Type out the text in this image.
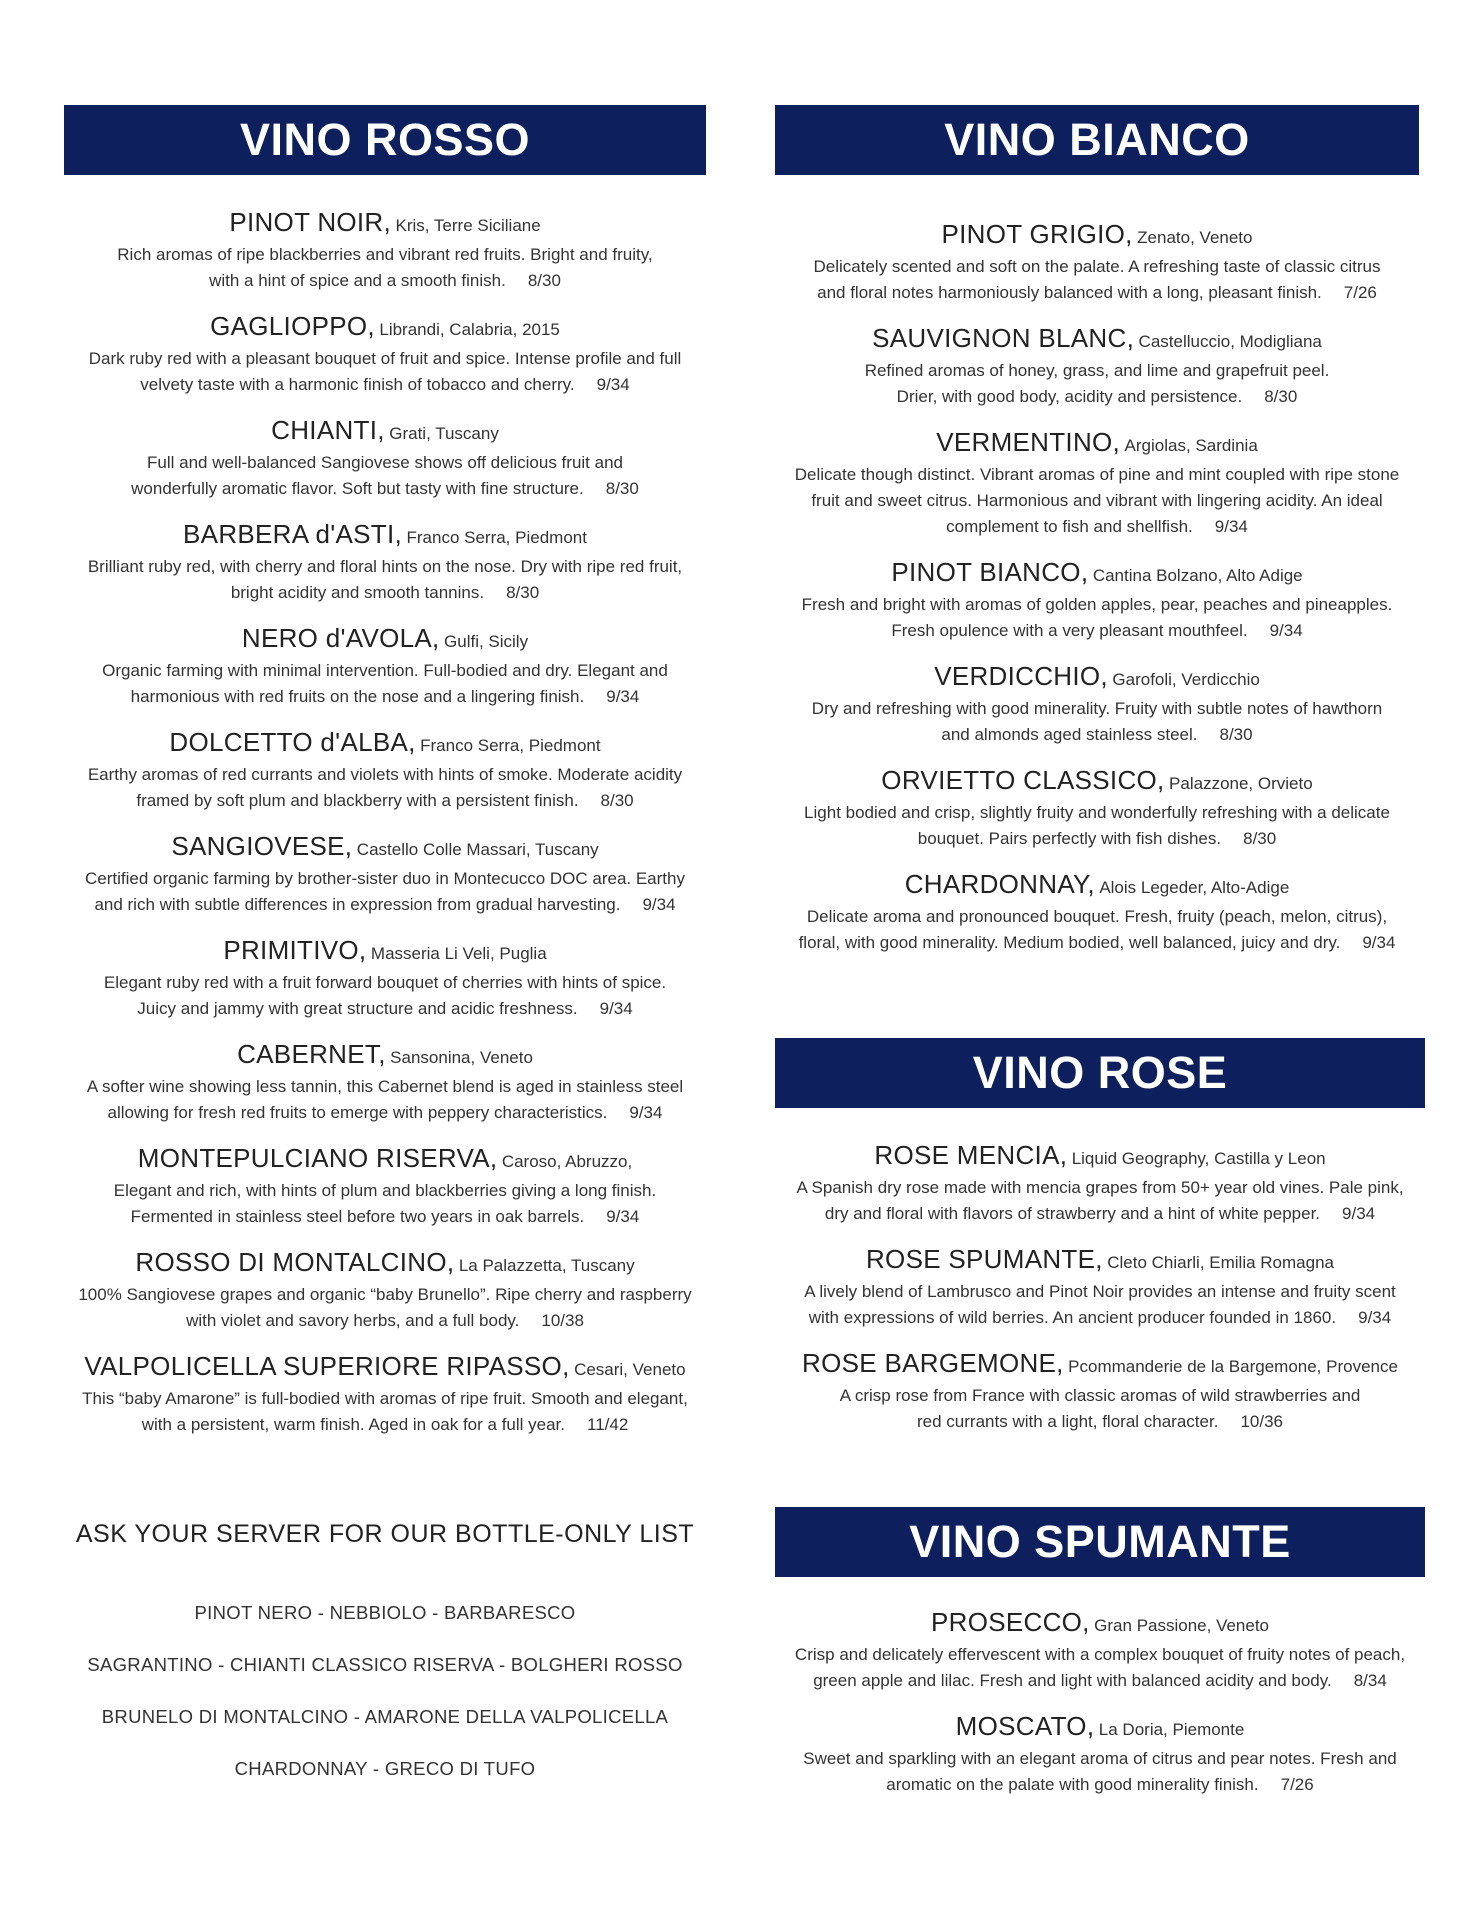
VINO ROSSO
PINOT NOIR, Kris, Terre Siciliane
Rich aromas of ripe blackberries and vibrant red fruits. Bright and fruity,
with a hint of spice and a smooth finish. 8/30
GAGLIOPPO, Librandi, Calabria, 2015
Dark ruby red with a pleasant bouquet of fruit and spice. Intense profile and full
velvety taste with a harmonic finish of tobacco and cherry. 9/34
CHIANTI, Grati, Tuscany
Full and well-balanced Sangiovese shows off delicious fruit and
wonderfully aromatic flavor. Soft but tasty with fine structure. 8/30
BARBERA d'ASTI, Franco Serra, Piedmont
Brilliant ruby red, with cherry and floral hints on the nose. Dry with ripe red fruit,
bright acidity and smooth tannins. 8/30
NERO d'AVOLA, Gulfi, Sicily
Organic farming with minimal intervention. Full-bodied and dry. Elegant and
harmonious with red fruits on the nose and a lingering finish. 9/34
DOLCETTO d'ALBA, Franco Serra, Piedmont
Earthy aromas of red currants and violets with hints of smoke. Moderate acidity
framed by soft plum and blackberry with a persistent finish. 8/30
SANGIOVESE, Castello Colle Massari, Tuscany
Certified organic farming by brother-sister duo in Montecucco DOC area. Earthy
and rich with subtle differences in expression from gradual harvesting. 9/34
PRIMITIVO, Masseria Li Veli, Puglia
Elegant ruby red with a fruit forward bouquet of cherries with hints of spice.
Juicy and jammy with great structure and acidic freshness. 9/34
CABERNET, Sansonina, Veneto
A softer wine showing less tannin, this Cabernet blend is aged in stainless steel
allowing for fresh red fruits to emerge with peppery characteristics. 9/34
MONTEPULCIANO RISERVA, Caroso, Abruzzo,
Elegant and rich, with hints of plum and blackberries giving a long finish.
Fermented in stainless steel before two years in oak barrels. 9/34
ROSSO DI MONTALCINO, La Palazzetta, Tuscany
100% Sangiovese grapes and organic “baby Brunello”. Ripe cherry and raspberry
with violet and savory herbs, and a full body. 10/38
VALPOLICELLA SUPERIORE RIPASSO, Cesari, Veneto
This “baby Amarone” is full-bodied with aromas of ripe fruit. Smooth and elegant,
with a persistent, warm finish. Aged in oak for a full year. 11/42
ASK YOUR SERVER FOR OUR BOTTLE-ONLY LIST
PINOT NERO - NEBBIOLO - BARBARESCO
SAGRANTINO - CHIANTI CLASSICO RISERVA - BOLGHERI ROSSO
BRUNELO DI MONTALCINO - AMARONE DELLA VALPOLICELLA
CHARDONNAY - GRECO DI TUFO
VINO BIANCO
PINOT GRIGIO, Zenato, Veneto
Delicately scented and soft on the palate. A refreshing taste of classic citrus
and floral notes harmoniously balanced with a long, pleasant finish. 7/26
SAUVIGNON BLANC, Castelluccio, Modigliana
Refined aromas of honey, grass, and lime and grapefruit peel.
Drier, with good body, acidity and persistence. 8/30
VERMENTINO, Argiolas, Sardinia
Delicate though distinct. Vibrant aromas of pine and mint coupled with ripe stone
fruit and sweet citrus. Harmonious and vibrant with lingering acidity. An ideal
complement to fish and shellfish. 9/34
PINOT BIANCO, Cantina Bolzano, Alto Adige
Fresh and bright with aromas of golden apples, pear, peaches and pineapples.
Fresh opulence with a very pleasant mouthfeel. 9/34
VERDICCHIO, Garofoli, Verdicchio
Dry and refreshing with good minerality. Fruity with subtle notes of hawthorn
and almonds aged stainless steel. 8/30
ORVIETTO CLASSICO, Palazzone, Orvieto
Light bodied and crisp, slightly fruity and wonderfully refreshing with a delicate
bouquet. Pairs perfectly with fish dishes. 8/30
CHARDONNAY, Alois Legeder, Alto-Adige
Delicate aroma and pronounced bouquet. Fresh, fruity (peach, melon, citrus),
floral, with good minerality. Medium bodied, well balanced, juicy and dry. 9/34
VINO ROSE
ROSE MENCIA, Liquid Geography, Castilla y Leon
A Spanish dry rose made with mencia grapes from 50+ year old vines. Pale pink,
dry and floral with flavors of strawberry and a hint of white pepper. 9/34
ROSE SPUMANTE, Cleto Chiarli, Emilia Romagna
A lively blend of Lambrusco and Pinot Noir provides an intense and fruity scent
with expressions of wild berries. An ancient producer founded in 1860. 9/34
ROSE BARGEMONE, Pcommanderie de la Bargemone, Provence
A crisp rose from France with classic aromas of wild strawberries and
red currants with a light, floral character. 10/36
VINO SPUMANTE
PROSECCO, Gran Passione, Veneto
Crisp and delicately effervescent with a complex bouquet of fruity notes of peach,
green apple and lilac. Fresh and light with balanced acidity and body. 8/34
MOSCATO, La Doria, Piemonte
Sweet and sparkling with an elegant aroma of citrus and pear notes. Fresh and
aromatic on the palate with good minerality finish. 7/26
